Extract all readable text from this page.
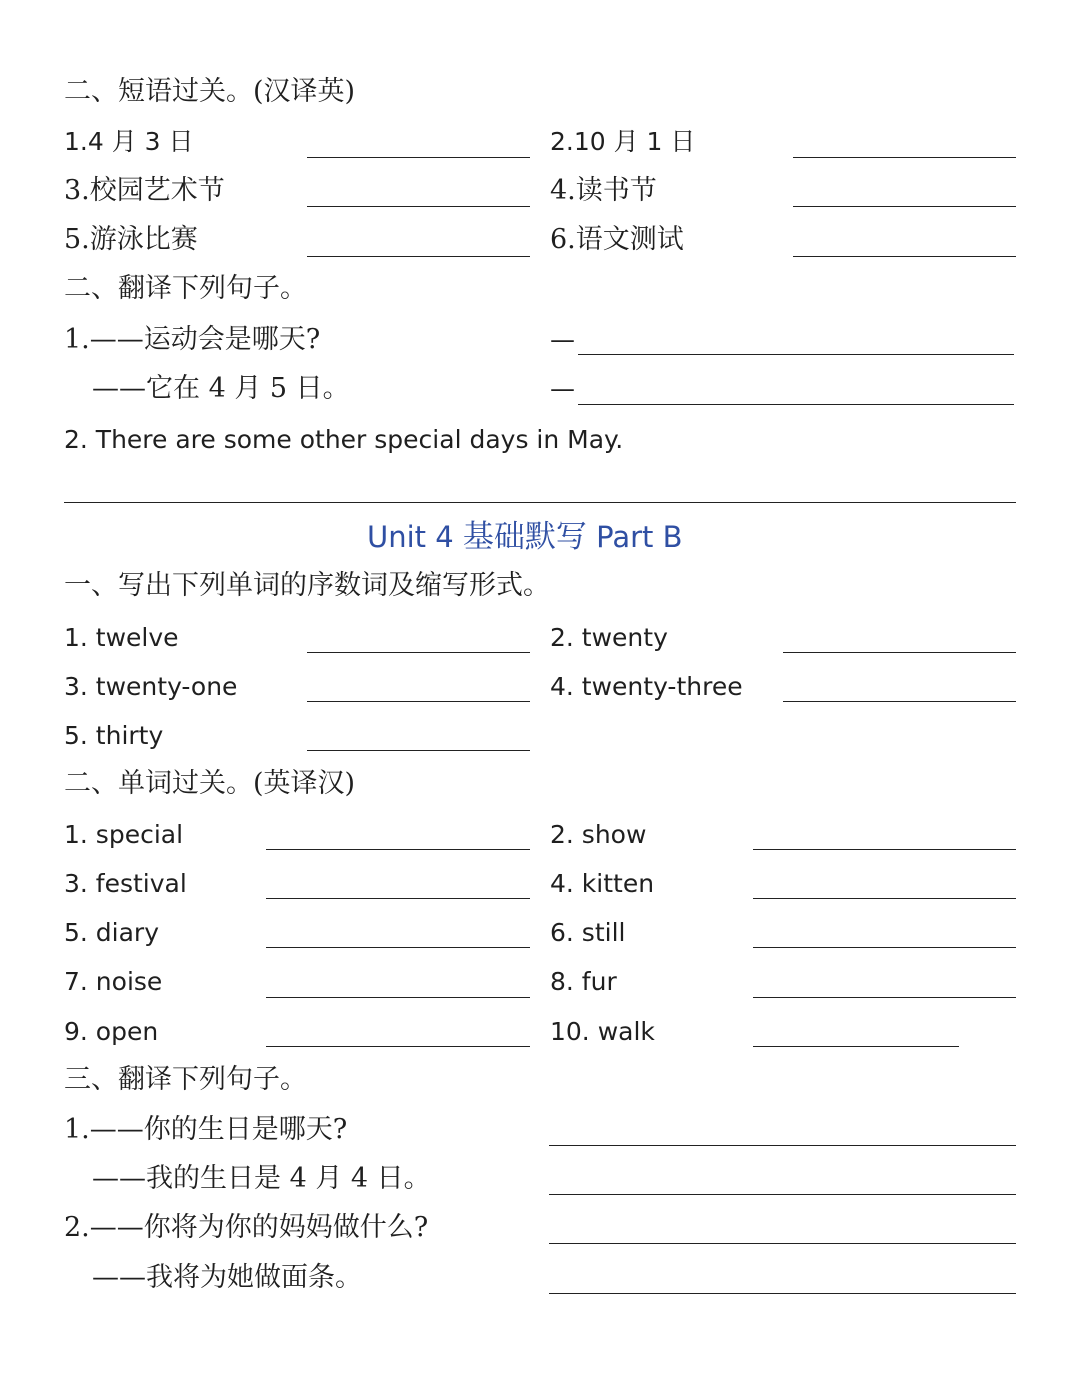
二、短语过关。(汉译英)
1.4 月 3 日	2.10 月 1 日
3.校园艺术节	4.读书节
5.游泳比赛	6.语文测试
二、翻译下列句子。
1.——运动会是哪天?	—
——它在 4 月 5 日。	—
2. There are some other special days in May.
Unit 4 基础默写 Part B
一、写出下列单词的序数词及缩写形式。
1. twelve	2. twenty
3. twenty-one	4. twenty-three
5. thirty
二、单词过关。(英译汉)
1. special	2. show
3. festival	4. kitten
5. diary	6. still
7. noise	8. fur
9. open	10. walk
三、翻译下列句子。
1.——你的生日是哪天?
——我的生日是 4 月 4 日。
2.——你将为你的妈妈做什么?
——我将为她做面条。
